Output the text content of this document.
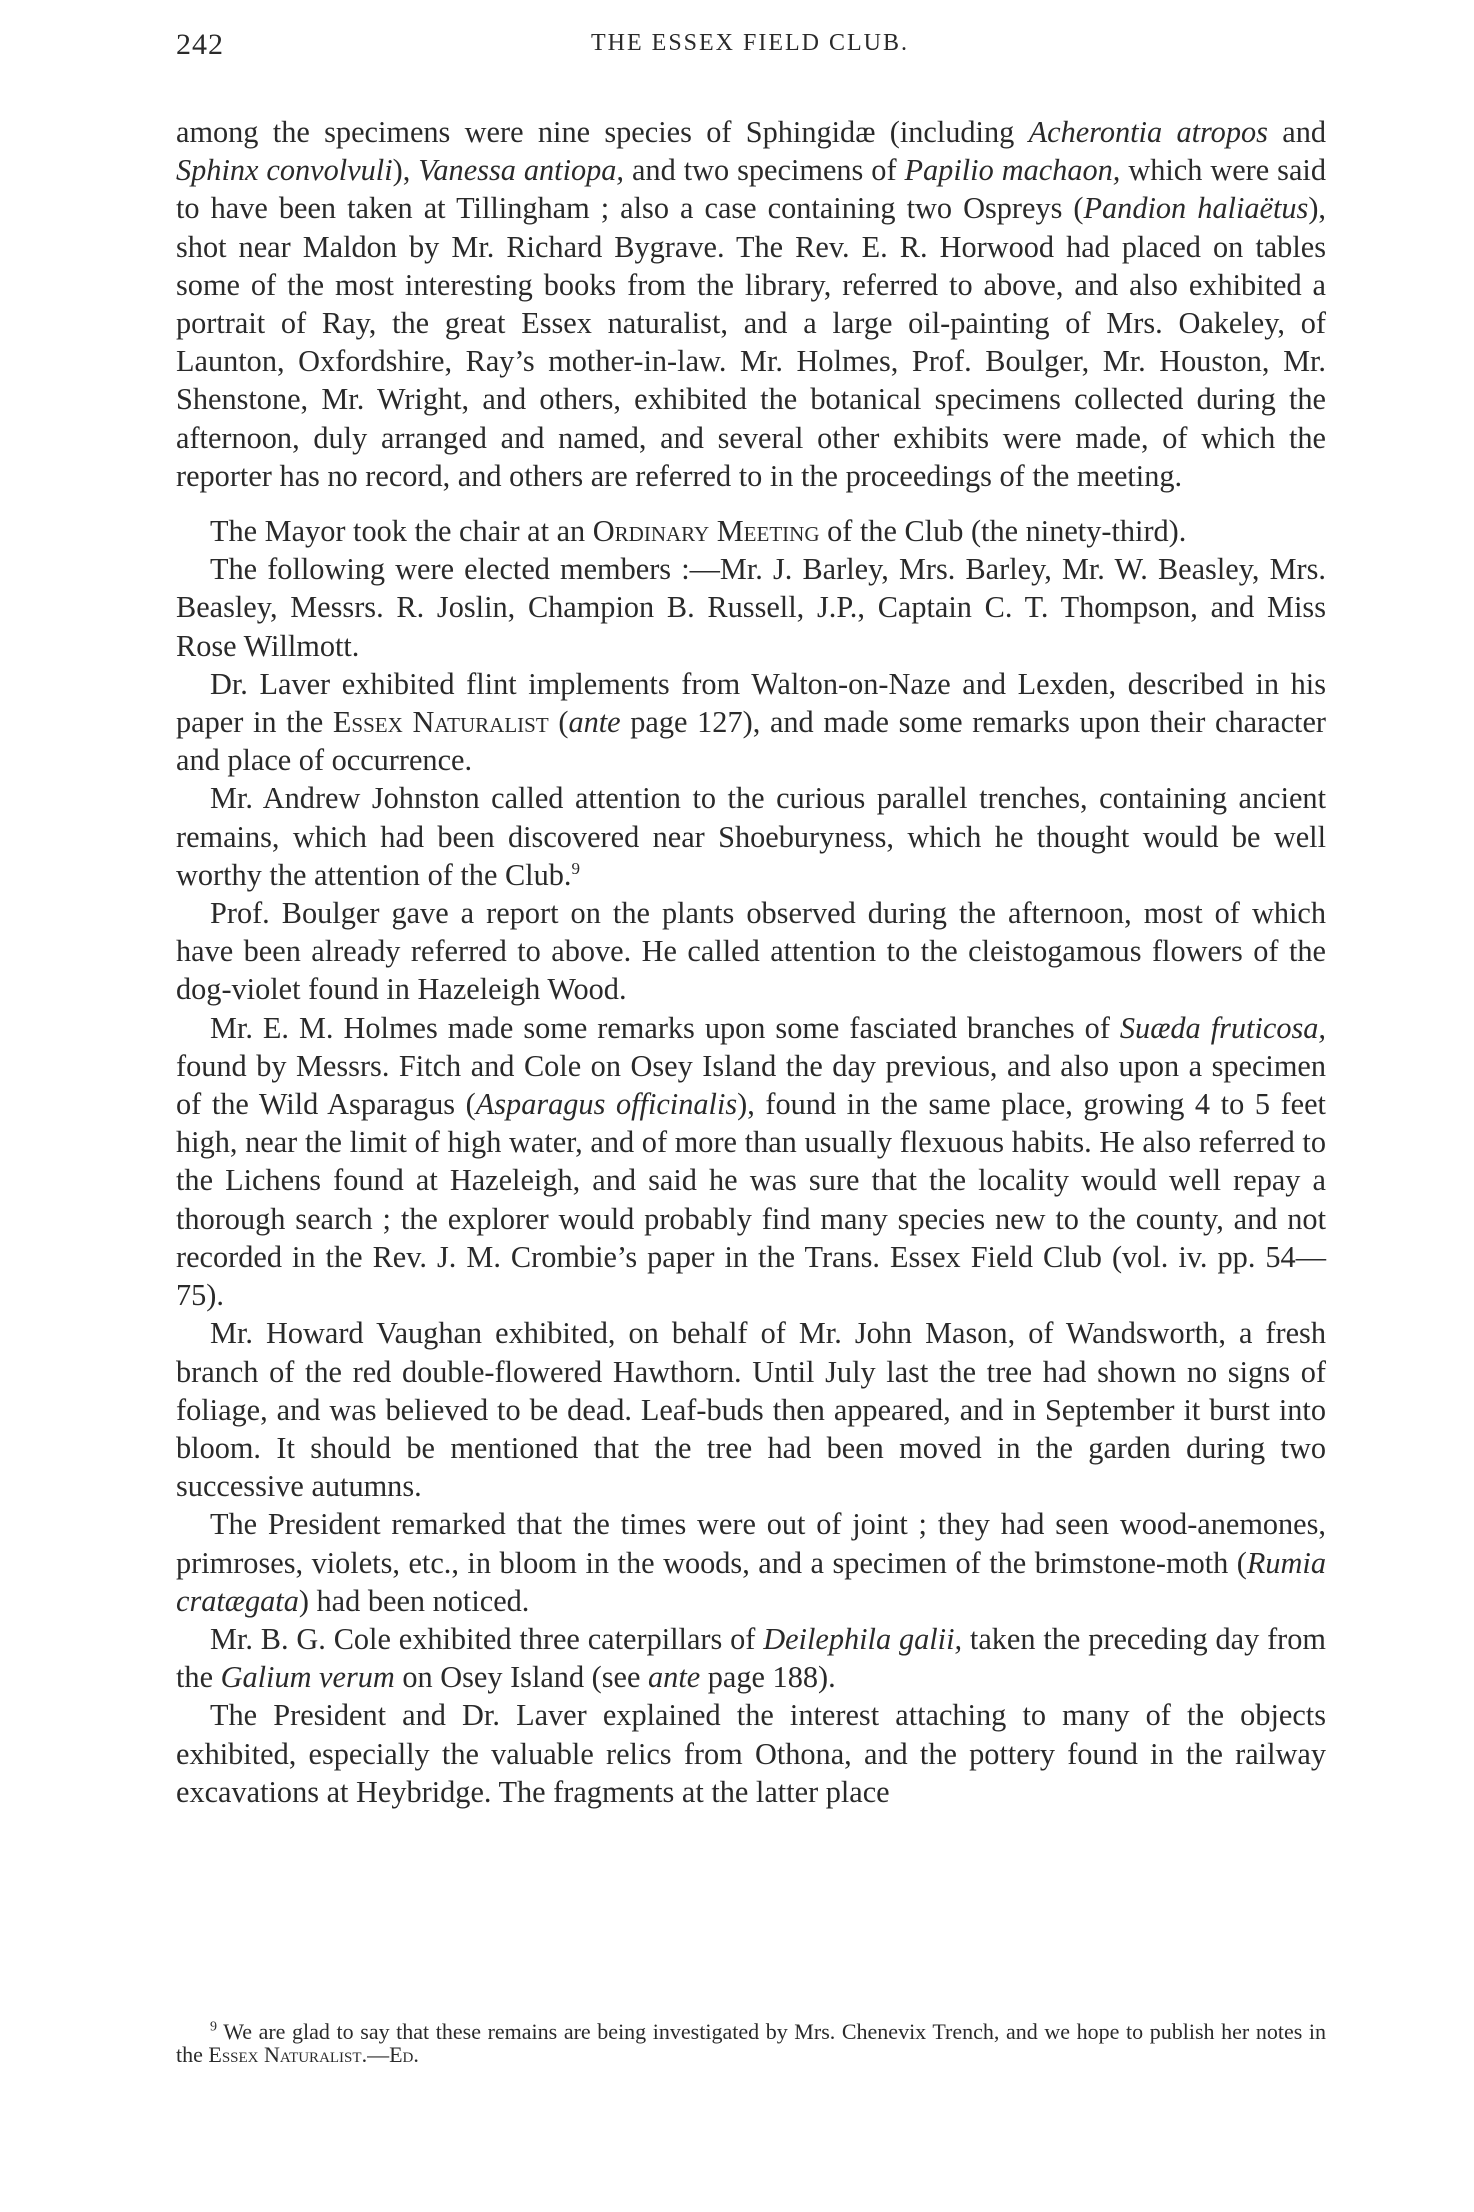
242	THE ESSEX FIELD CLUB.

among the specimens were nine species of Sphingidæ (including Acherontia atropos and Sphinx convolvuli), Vanessa antiopa, and two specimens of Papilio machaon, which were said to have been taken at Tillingham ; also a case containing two Ospreys (Pandion haliaëtus), shot near Maldon by Mr. Richard Bygrave. The Rev. E. R. Horwood had placed on tables some of the most interesting books from the library, referred to above, and also exhibited a portrait of Ray, the great Essex naturalist, and a large oil-painting of Mrs. Oakeley, of Launton, Oxfordshire, Ray’s mother-in-law. Mr. Holmes, Prof. Boulger, Mr. Houston, Mr. Shenstone, Mr. Wright, and others, exhibited the botanical specimens collected during the afternoon, duly arranged and named, and several other exhibits were made, of which the reporter has no record, and others are referred to in the proceedings of the meeting.

The Mayor took the chair at an Ordinary Meeting of the Club (the ninety-third).

The following were elected members :—Mr. J. Barley, Mrs. Barley, Mr. W. Beasley, Mrs. Beasley, Messrs. R. Joslin, Champion B. Russell, J.P., Captain C. T. Thompson, and Miss Rose Willmott.

Dr. Laver exhibited flint implements from Walton-on-Naze and Lexden, described in his paper in the Essex Naturalist (ante page 127), and made some remarks upon their character and place of occurrence.

Mr. Andrew Johnston called attention to the curious parallel trenches, containing ancient remains, which had been discovered near Shoeburyness, which he thought would be well worthy the attention of the Club.$^9$

Prof. Boulger gave a report on the plants observed during the afternoon, most of which have been already referred to above. He called attention to the cleistogamous flowers of the dog-violet found in Hazeleigh Wood.

Mr. E. M. Holmes made some remarks upon some fasciated branches of Suæda fruticosa, found by Messrs. Fitch and Cole on Osey Island the day previous, and also upon a specimen of the Wild Asparagus (Asparagus officinalis), found in the same place, growing 4 to 5 feet high, near the limit of high water, and of more than usually flexuous habits. He also referred to the Lichens found at Hazeleigh, and said he was sure that the locality would well repay a thorough search ; the explorer would probably find many species new to the county, and not recorded in the Rev. J. M. Crombie’s paper in the Trans. Essex Field Club (vol. iv. pp. 54—75).

Mr. Howard Vaughan exhibited, on behalf of Mr. John Mason, of Wandsworth, a fresh branch of the red double-flowered Hawthorn. Until July last the tree had shown no signs of foliage, and was believed to be dead. Leaf-buds then appeared, and in September it burst into bloom. It should be mentioned that the tree had been moved in the garden during two successive autumns.

The President remarked that the times were out of joint ; they had seen wood-anemones, primroses, violets, etc., in bloom in the woods, and a specimen of the brimstone-moth (Rumia cratægata) had been noticed.

Mr. B. G. Cole exhibited three caterpillars of Deilephila galii, taken the preceding day from the Galium verum on Osey Island (see ante page 188).

The President and Dr. Laver explained the interest attaching to many of the objects exhibited, especially the valuable relics from Othona, and the pottery found in the railway excavations at Heybridge. The fragments at the latter place

$^9$ We are glad to say that these remains are being investigated by Mrs. Chenevix Trench, and we hope to publish her notes in the Essex Naturalist.—Ed.
